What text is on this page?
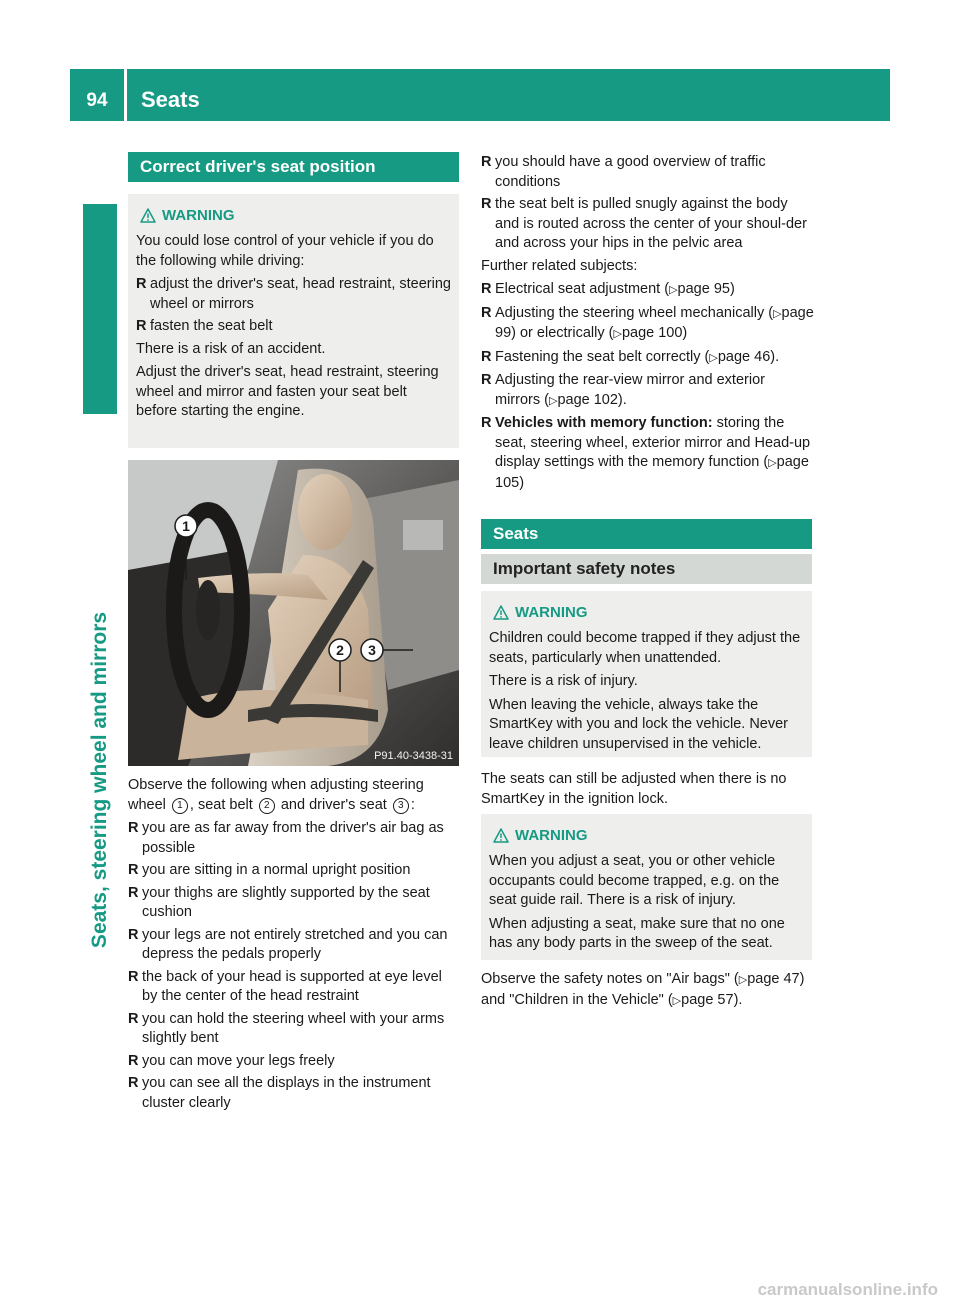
94	Seats
Seats, steering wheel and mirrors
Correct driver's seat position
WARNING
You could lose control of your vehicle if you do the following while driving:
R adjust the driver's seat, head restraint, steering wheel or mirrors
R fasten the seat belt
There is a risk of an accident.
Adjust the driver's seat, head restraint, steering wheel and mirror and fasten your seat belt before starting the engine.
1
2 3
P91.40-3438-31
Observe the following when adjusting steering wheel 1 , seat belt 2 and driver's seat 3 :
R you are as far away from the driver's air bag as possible
R you are sitting in a normal upright position
R your thighs are slightly supported by the seat cushion
R your legs are not entirely stretched and you can depress the pedals properly
R the back of your head is supported at eye level by the center of the head restraint
R you can hold the steering wheel with your arms slightly bent
R you can move your legs freely
R you can see all the displays in the instrument cluster clearly
R you should have a good overview of traffic conditions
R the seat belt is pulled snugly against the body and is routed across the center of your shoul-der and across your hips in the pelvic area
Further related subjects:
R Electrical seat adjustment (▷page 95)
R Adjusting the steering wheel mechanically (▷page 99) or electrically (▷page 100)
R Fastening the seat belt correctly (▷page 46).
R Adjusting the rear-view mirror and exterior mirrors (▷page 102).
R Vehicles with memory function: storing the seat, steering wheel, exterior mirror and Head-up display settings with the memory function (▷page 105)
Seats
Important safety notes
WARNING
Children could become trapped if they adjust the seats, particularly when unattended.
There is a risk of injury.
When leaving the vehicle, always take the SmartKey with you and lock the vehicle. Never leave children unsupervised in the vehicle.
The seats can still be adjusted when there is no SmartKey in the ignition lock.
WARNING
When you adjust a seat, you or other vehicle occupants could become trapped, e.g. on the seat guide rail. There is a risk of injury.
When adjusting a seat, make sure that no one has any body parts in the sweep of the seat.
Observe the safety notes on "Air bags" (▷page 47) and "Children in the Vehicle" (▷page 57).
carmanualsonline.info
